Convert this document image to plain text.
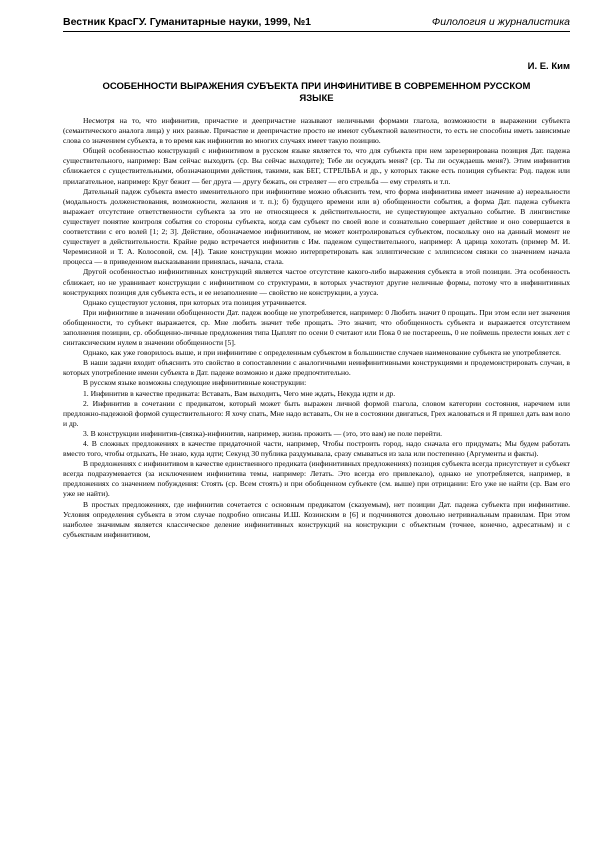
Вестник КрасГУ. Гуманитарные науки, 1999, №1	Филология и журналистика
И. Е. Ким
ОСОБЕННОСТИ ВЫРАЖЕНИЯ СУБЪЕКТА ПРИ ИНФИНИТИВЕ В СОВРЕМЕННОМ РУССКОМ ЯЗЫКЕ

Несмотря на то, что инфинитив, причастие и деепричастие называют неличными формами глагола, возможности в выражении субъекта (семантического аналога лица) у них разные. Причастие и деепричастие просто не имеют субъектной валентности, то есть не способны иметь зависимые слова со значением субъекта, в то время как инфинитив во многих случаях имеет такую позицию.

Общей особенностью конструкций с инфинитивом в русском языке является то, что для субъекта при нем зарезервирована позиция Дат. падежа существительного, например: Вам сейчас выходить (ср. Вы сейчас выходите); Тебе ли осуждать меня? (ср. Ты ли осуждаешь меня?). Этим инфинитив сближается с существительными, обозначающими действия, такими, как БЕГ, СТРЕЛЬБА и др., у которых также есть позиция субъекта: Род. падеж или прилагательное, например: Круг бежит — бег друга — другу бежать, он стреляет — его стрельба — ему стрелять и т.п.

Дательный падеж субъекта вместо именительного при инфинитиве можно объяснить тем, что форма инфинитива имеет значение а) нереальности (модальность долженствования, возможности, желания и т. п.); б) будущего времени или в) обобщенности события, а форма Дат. падежа субъекта выражает отсутствие ответственности субъекта за это не относящееся к действительности, не существующее актуально событие. В лингвистике существует понятие контроля события со стороны субъекта, когда сам субъект по своей воле и сознательно совершает действие и оно совершается в соответствии с его волей [1; 2; 3]. Действие, обозначаемое инфинитивом, не может контролироваться субъектом, поскольку оно на данный момент не существует в действительности. Крайне редко встречается инфинитив с Им. падежом существительного, например: А царица хохотать (пример М. И. Черемисиной и Т. А. Колосовой, см. [4]). Такие конструкции можно интерпретировать как эллиптические с эллипсисом связки со значением начала процесса — в приведенном высказывании принялась, начала, стала.

Другой особенностью инфинитивных конструкций является частое отсутствие какого-либо выражения субъекта в этой позиции. Эта особенность сближает, но не уравнивает конструкции с инфинитивом со структурами, в которых участвуют другие неличные формы, потому что в инфинитивных конструкциях позиция для субъекта есть, и ее незаполнение — свойство не конструкции, а узуса.

Однако существуют условия, при которых эта позиция утрачивается.

При инфинитиве в значении обобщенности Дат. падеж вообще не употребляется, например: 0 Любить значит 0 прощать. При этом если нет значения обобщенности, то субъект выражается, ср. Мне любить значит тебе прощать. Это значит, что обобщенность субъекта и выражается отсутствием заполнения позиции, ср. обобщенно-личные предложения типа Цыплят по осени 0 считают или Пока 0 не постареешь, 0 не поймешь прелести юных лет с синтаксическим нулем в значении обобщенности [5].

Однако, как уже говорилось выше, и при инфинитиве с определенным субъектом в большинстве случаев наименование субъекта не употребляется.

В наши задачи входит объяснить это свойство в сопоставлении с аналогичными неинфинитивными конструкциями и продемонстрировать случаи, в которых употребление имени субъекта в Дат. падеже возможно и даже предпочтительно.

В русском языке возможны следующие инфинитивные конструкции:

1. Инфинитив в качестве предиката: Вставать, Вам выходить, Чего мне ждать, Некуда идти и др.

2. Инфинитив в сочетании с предикатом, который может быть выражен личной формой глагола, словом категории состояния, наречием или предложно-падежной формой существительного: Я хочу спать, Мне надо вставать, Он не в состоянии двигаться, Грех жаловаться и Я пришел дать вам воло и др.

3. В конструкции инфинитив-(связка)-инфинитив, например, жизнь прожить — (это, это вам) не поле перейти.

4. В сложных предложениях в качестве придаточной части, например, Чтобы построить город, надо сначала его придумать; Мы будем работать вместо того, чтобы отдыхать, Не знаю, куда идти; Секунд 30 публика раздумывала, сразу смываться из зала или постепенно (Аргументы и факты).

В предложениях с инфинитивом в качестве единственного предиката (инфинитивных предложениях) позиция субъекта всегда присутствует и субъект всегда подразумевается (за исключением инфинитива темы, например: Летать. Это всегда его привлекало), однако не употребляется, например, в предложениях со значением побуждения: Стоять (ср. Всем стоять) и при обобщенном субъекте (см. выше) при отрицании: Его уже не найти (ср. Вам его уже не найти).

В простых предложениях, где инфинитив сочетается с основным предикатом (сказуемым), нет позиции Дат. падежа субъекта при инфинитиве. Условия определения субъекта в этом случае подробно описаны И.Ш. Козинским в [6] и подчиняются довольно нетривиальным правилам. При этом наиболее значимым является классическое деление инфинитивных конструкций на конструкции с объектным (точнее, конечно, адресатным) и с субъектным инфинитивом,
